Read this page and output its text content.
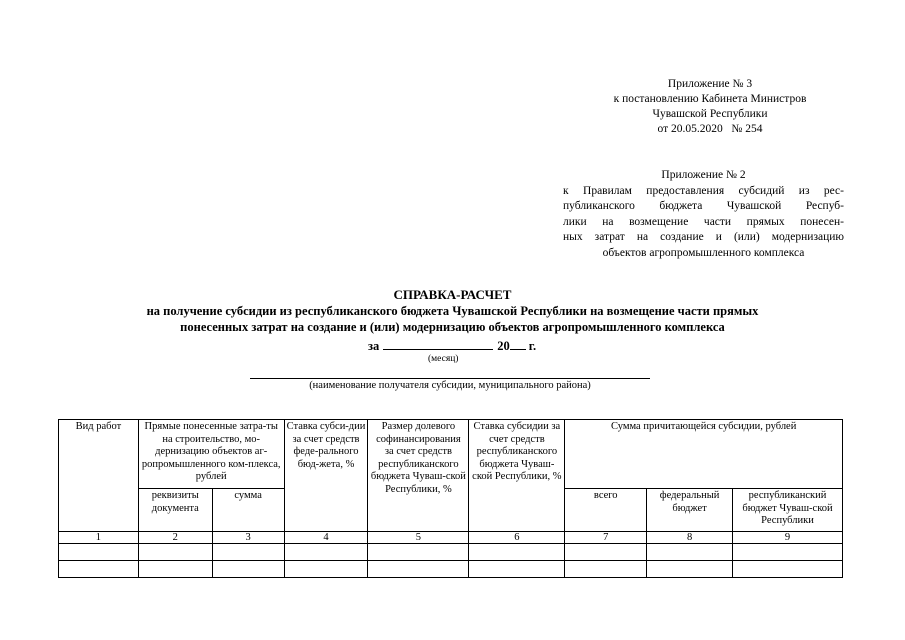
Приложение № 3
к постановлению Кабинета Министров
Чувашской Республики
от 20.05.2020   № 254
Приложение № 2
к Правилам предоставления субсидий из рес-
публиканского бюджета Чувашской Респуб-
лики на возмещение части прямых понесен-
ных затрат на создание и (или) модернизацию
объектов агропромышленного комплекса
СПРАВКА-РАСЧЕТ
на получение субсидии из республиканского бюджета Чувашской Республики на возмещение части прямых
понесенных затрат на создание и (или) модернизацию объектов агропромышленного комплекса
за	20 г.
(месяц)
(наименование получателя субсидии, муниципального района)
Вид работ	Прямые понесенные затра-ты на строительство, мо-дернизацию объектов аг-ропромышленного ком-плекса, рублей		Ставка субси-дии за счет средств феде-рального бюд-жета, %	Размер долевого софинансирования за счет средств республиканского бюджета Чуваш-ской Республики, %	Ставка субсидии за счет средств республиканского бюджета Чуваш-ской Республики, %	Сумма причитающейся субсидии, рублей		
	реквизиты документа	сумма				всего	федеральный бюджет	республиканский бюджет Чуваш-ской Республики
1	2	3	4	5	6	7	8	9
